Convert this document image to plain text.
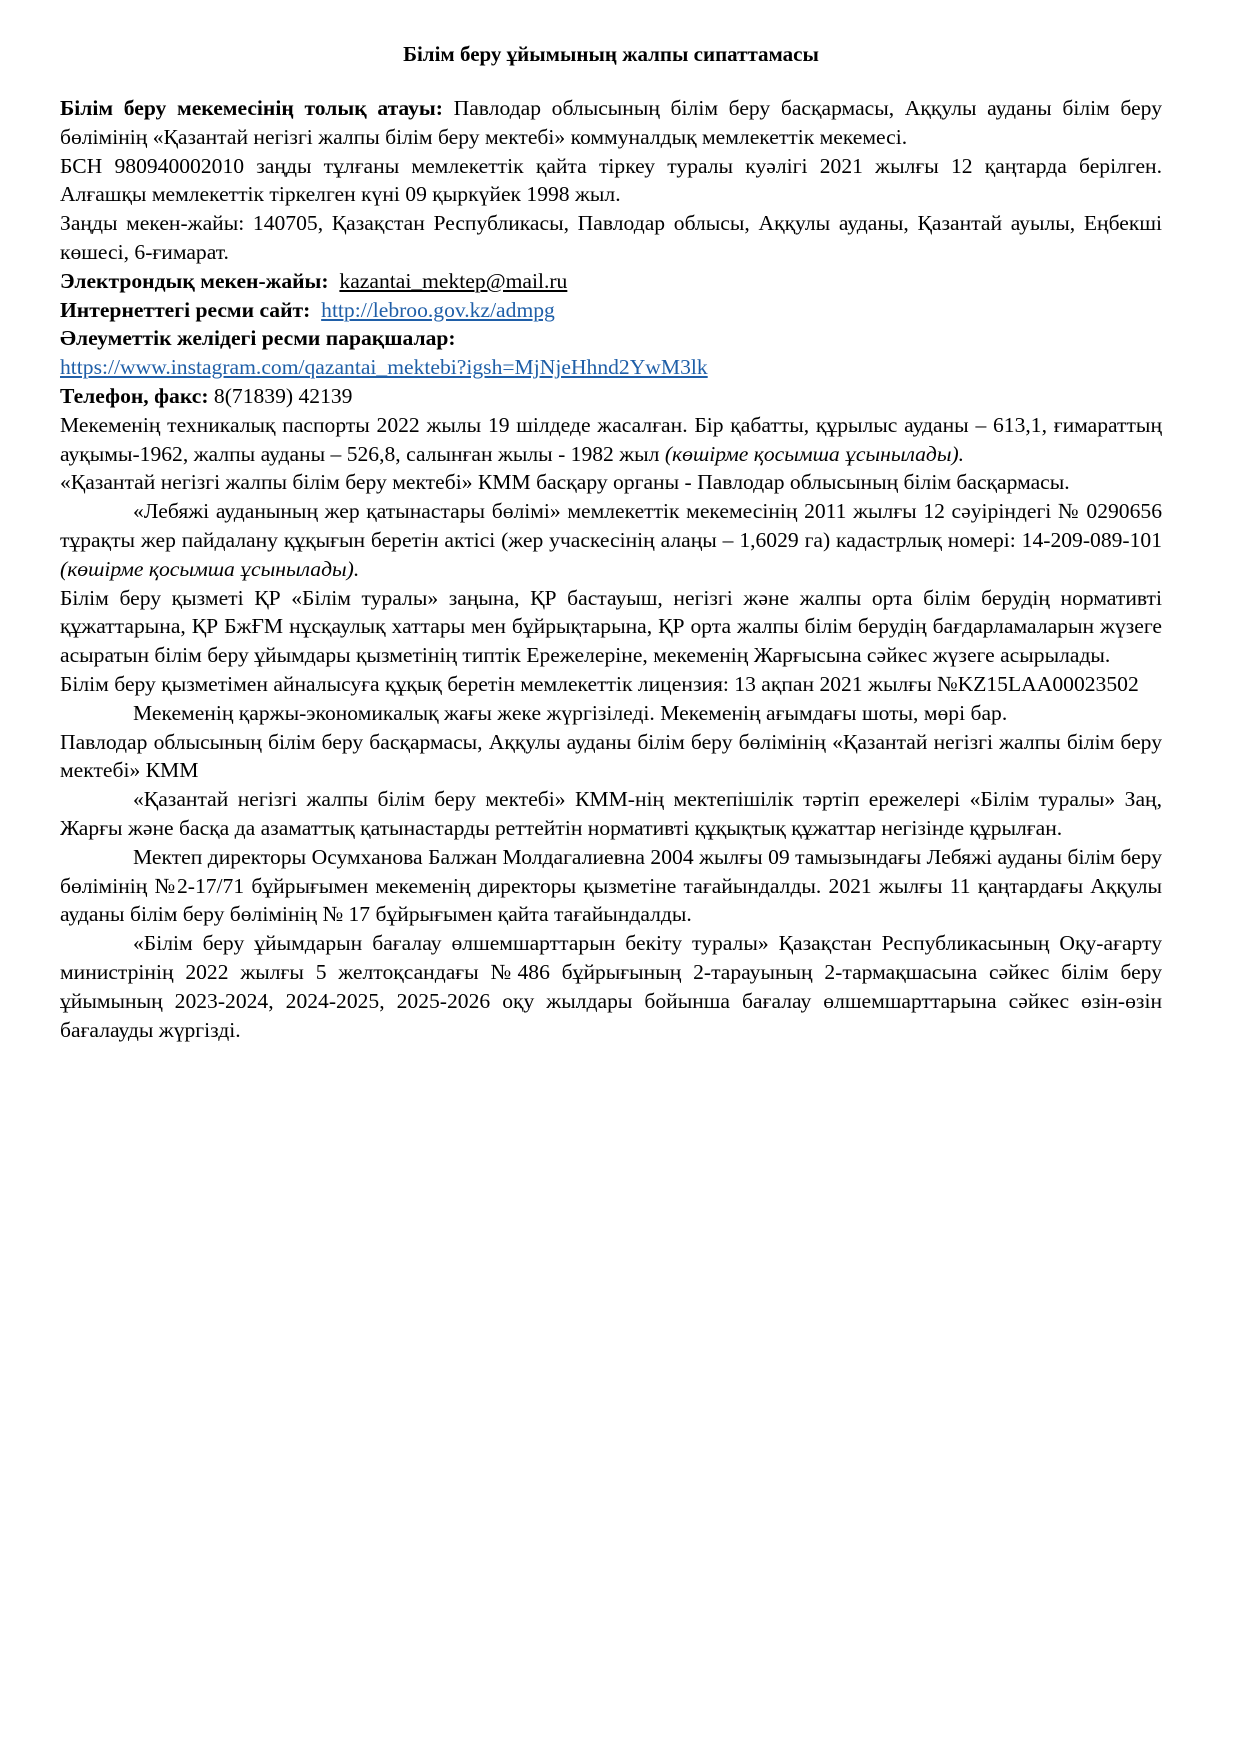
Білім беру ұйымының жалпы сипаттамасы

Білім беру мекемесінің толық атауы: Павлодар облысының білім беру басқармасы, Аққулы ауданы білім беру бөлімінің «Қазантай негізгі жалпы білім беру мектебі» коммуналдық мемлекеттік мекемесі.

БСН 980940002010 заңды тұлғаны мемлекеттік қайта тіркеу туралы куәлігі 2021 жылғы 12 қаңтарда берілген. Алғашқы мемлекеттік тіркелген күні 09 қыркүйек 1998 жыл.

Заңды мекен-жайы: 140705, Қазақстан Республикасы, Павлодар облысы, Аққулы ауданы, Қазантай ауылы, Еңбекші көшесі, 6-ғимарат.

Электрондық мекен-жайы: kazantai_mektep@mail.ru

Интернеттегі ресми сайт: http://lebroo.gov.kz/admpg

Әлеуметтік желідегі ресми парақшалар:

https://www.instagram.com/qazantai_mektebi?igsh=MjNjeHhnd2YwM3lk

Телефон, факс: 8(71839) 42139

Мекеменің техникалық паспорты 2022 жылы 19 шілдеде жасалған. Бір қабатты, құрылыс ауданы – 613,1, ғимараттың ауқымы-1962, жалпы ауданы – 526,8, салынған жылы - 1982 жыл (көшірме қосымша ұсынылады).

«Қазантай негізгі жалпы білім беру мектебі» КММ басқару органы - Павлодар облысының білім басқармасы.

«Лебяжі ауданының жер қатынастары бөлімі» мемлекеттік мекемесінің 2011 жылғы 12 сәуіріндегі № 0290656 тұрақты жер пайдалану құқығын беретін актісі (жер учаскесінің алаңы – 1,6029 га) кадастрлық номері: 14-209-089-101 (көшірме қосымша ұсынылады).

Білім беру қызметі ҚР «Білім туралы» заңына, ҚР бастауыш, негізгі және жалпы орта білім берудің нормативті құжаттарына, ҚР БжҒМ нұсқаулық хаттары мен бұйрықтарына, ҚР орта жалпы білім берудің бағдарламаларын жүзеге асыратын білім беру ұйымдары қызметінің типтік Ережелеріне, мекеменің Жарғысына сәйкес жүзеге асырылады.

Білім беру қызметімен айналысуға құқық беретін мемлекеттік лицензия: 13 ақпан 2021 жылғы №KZ15LAA00023502

Мекеменің қаржы-экономикалық жағы жеке жүргізіледі. Мекеменің ағымдағы шоты, мөрі бар.

Павлодар облысының білім беру басқармасы, Аққулы ауданы білім беру бөлімінің «Қазантай негізгі жалпы білім беру мектебі» КММ

«Қазантай негізгі жалпы білім беру мектебі» КММ-нің мектепішілік тәртіп ережелері «Білім туралы» Заң, Жарғы және басқа да азаматтық қатынастарды реттейтін нормативті құқықтық құжаттар негізінде құрылған.

Мектеп директоры Осумханова Балжан Молдагалиевна 2004 жылғы 09 тамызындағы Лебяжі ауданы білім беру бөлімінің №2-17/71 бұйрығымен мекеменің директоры қызметіне тағайындалды. 2021 жылғы 11 қаңтардағы Аққулы ауданы білім беру бөлімінің № 17 бұйрығымен қайта тағайындалды.

«Білім беру ұйымдарын бағалау өлшемшарттарын бекіту туралы» Қазақстан Республикасының Оқу-ағарту министрінің 2022 жылғы 5 желтоқсандағы №486 бұйрығының 2-тарауының 2-тармақшасына сәйкес білім беру ұйымының 2023-2024, 2024-2025, 2025-2026 оқу жылдары бойынша бағалау өлшемшарттарына сәйкес өзін-өзін бағалауды жүргізді.
